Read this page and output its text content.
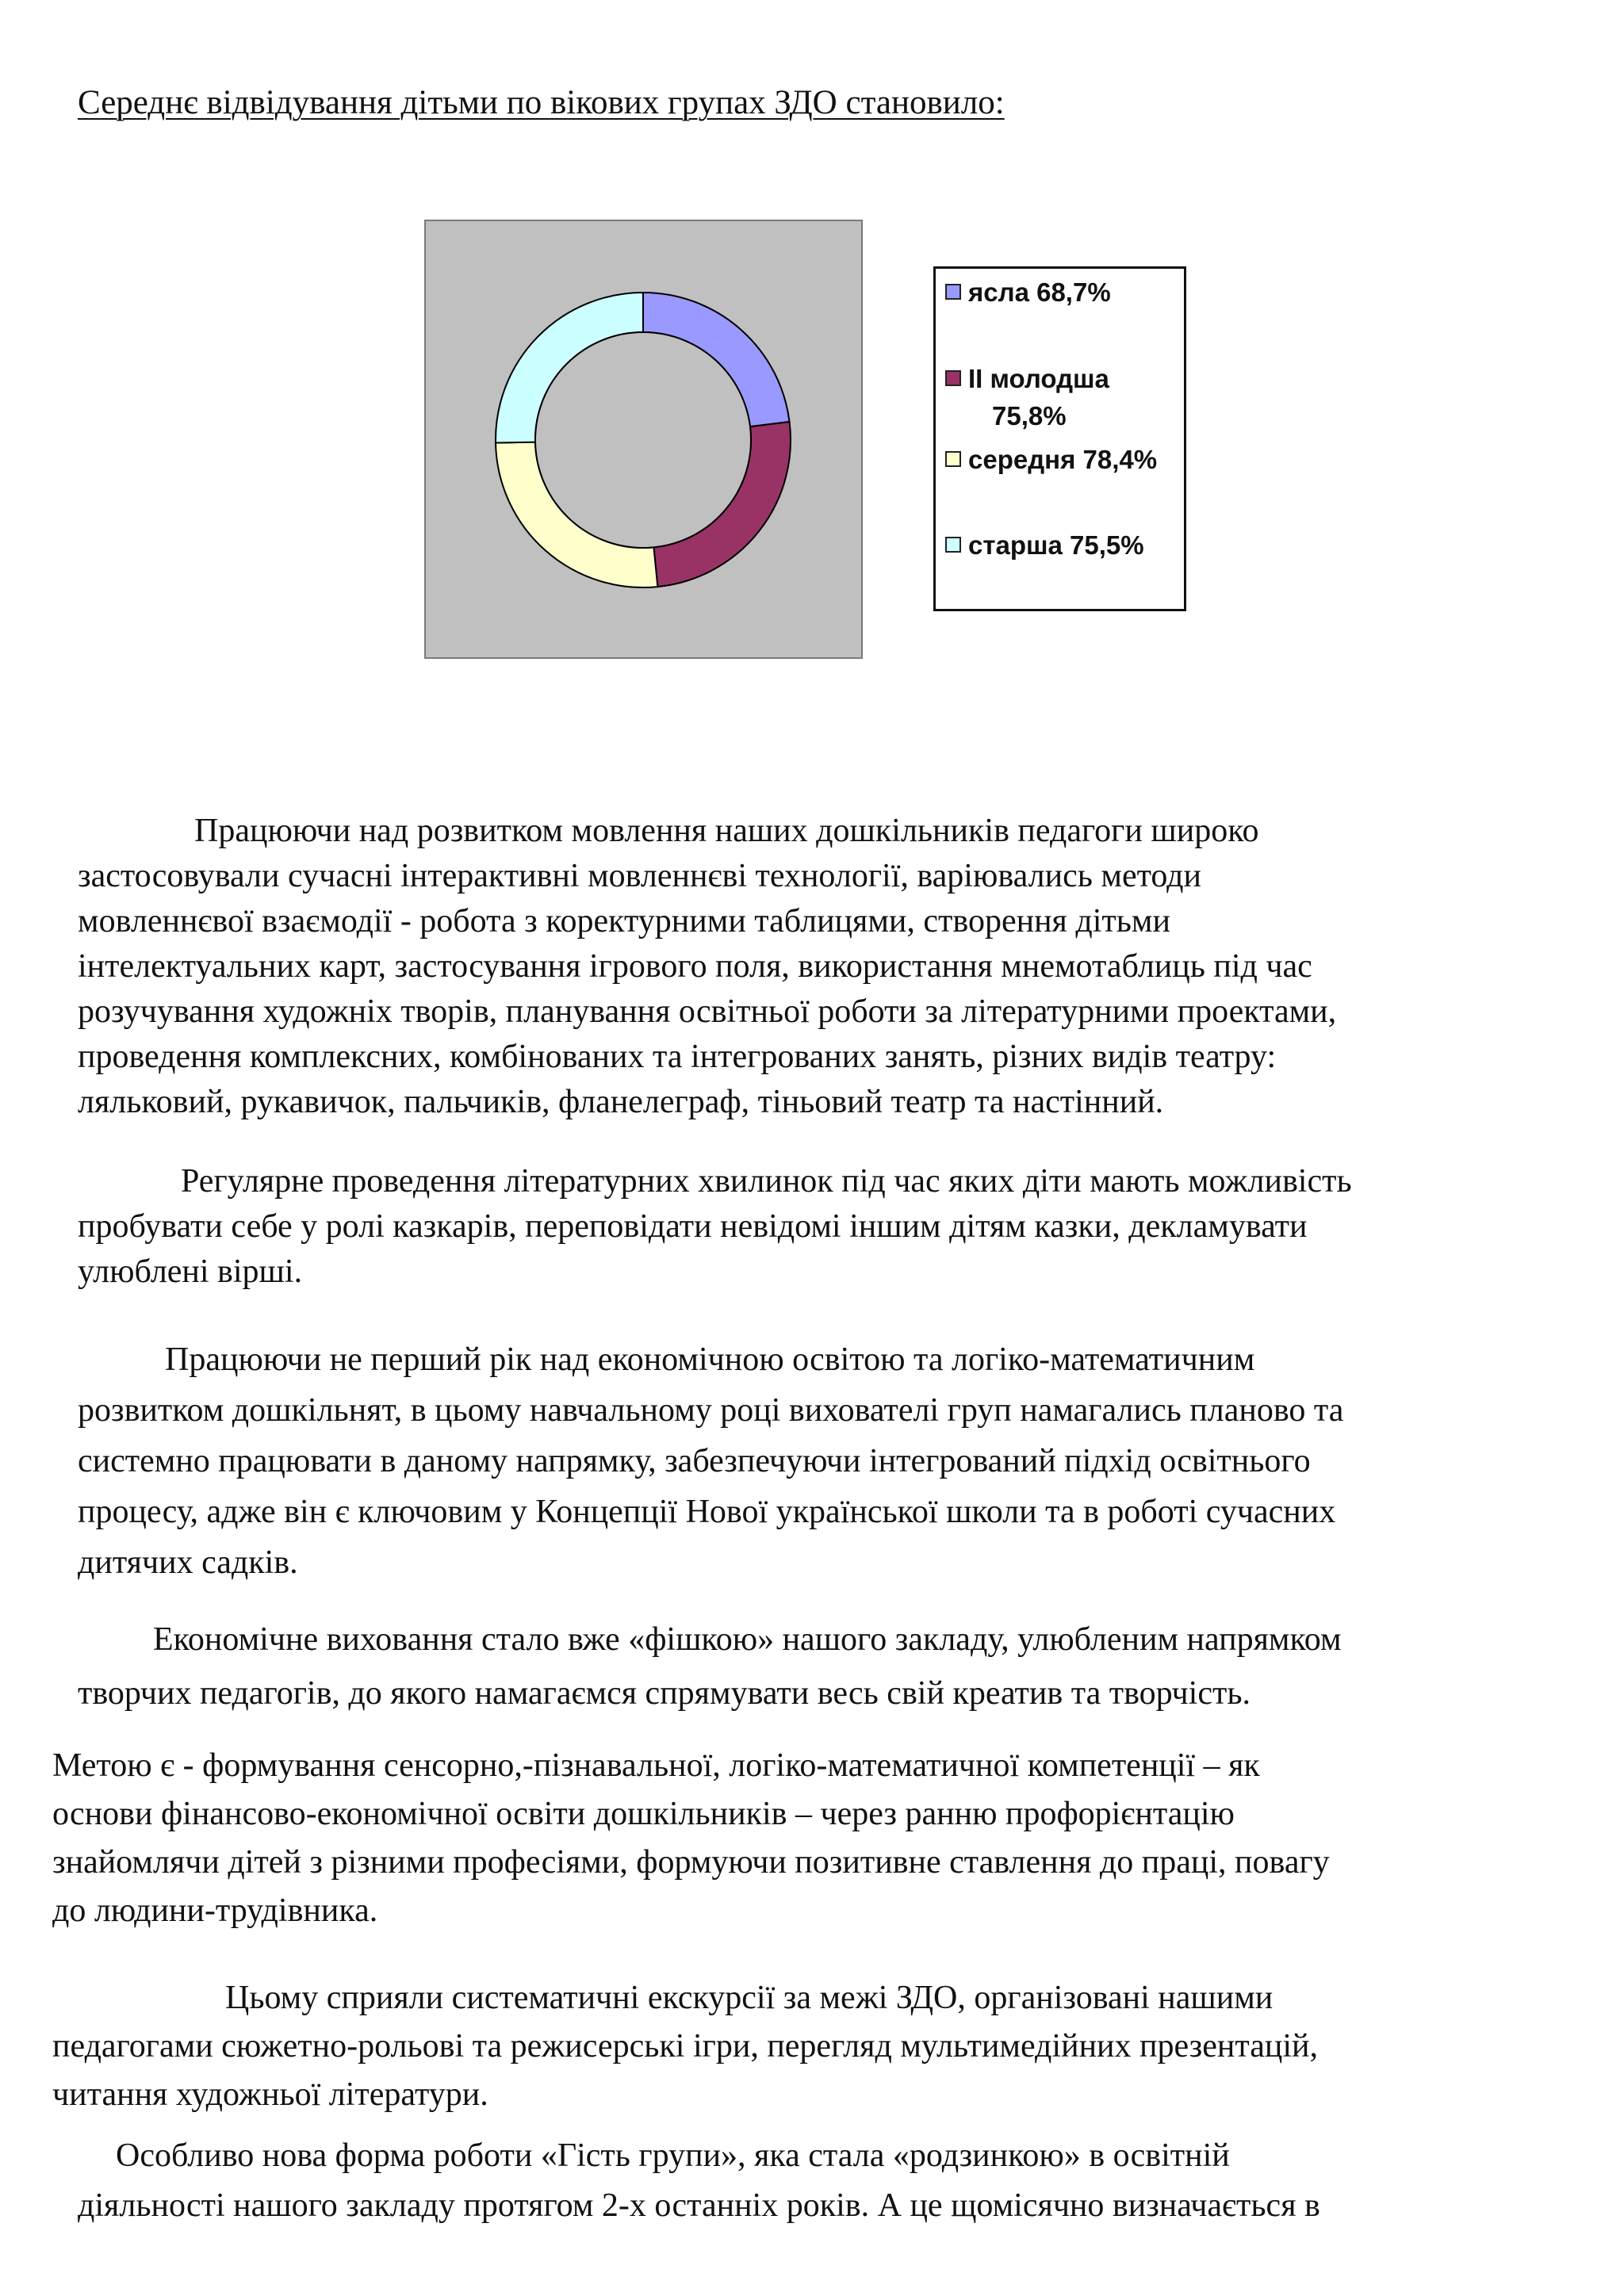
Середнє відвідування дітьми по вікових групах ЗДО становило:
ясла 68,7%
II молодша
75,8%
середня 78,4%
старша 75,5%
Працюючи над розвитком мовлення наших дошкільників педагоги широко
застосовували сучасні інтерактивні мовленнєві технології, варіювались методи
мовленнєвої взаємодії - робота з коректурними таблицями, створення дітьми
інтелектуальних карт, застосування ігрового поля, використання мнемотаблиць під час
розучування художніх творів, планування освітньої роботи за літературними проектами,
проведення комплексних, комбінованих та інтегрованих занять, різних видів театру:
ляльковий, рукавичок, пальчиків, фланелеграф, тіньовий театр та настінний.
Регулярне проведення літературних хвилинок під час яких діти мають можливість
пробувати себе у ролі казкарів, переповідати невідомі іншим дітям казки, декламувати
улюблені вірші.
Працюючи не перший рік над економічною освітою та логіко-математичним
розвитком дошкільнят, в цьому навчальному році вихователі груп намагались планово та
системно працювати в даному напрямку, забезпечуючи інтегрований підхід освітнього
процесу, адже він є ключовим у Концепції Нової української школи та в роботі сучасних
дитячих садків.
Економічне виховання стало вже «фішкою» нашого закладу, улюбленим напрямком
творчих педагогів, до якого намагаємся спрямувати весь свій креатив та творчість.
Метою є - формування сенсорно,-пізнавальної, логіко-математичної компетенції – як
основи фінансово-економічної освіти дошкільників – через ранню профорієнтацію
знайомлячи дітей з різними професіями, формуючи позитивне ставлення до праці, повагу
до людини-трудівника.
Цьому сприяли систематичні екскурсії за межі ЗДО, організовані нашими
педагогами сюжетно-рольові та режисерські ігри, перегляд мультимедійних презентацій,
читання художньої літератури.
Особливо нова форма роботи «Гість групи», яка стала «родзинкою» в освітній
діяльності нашого закладу протягом 2-х останніх років. А це щомісячно визначається в
